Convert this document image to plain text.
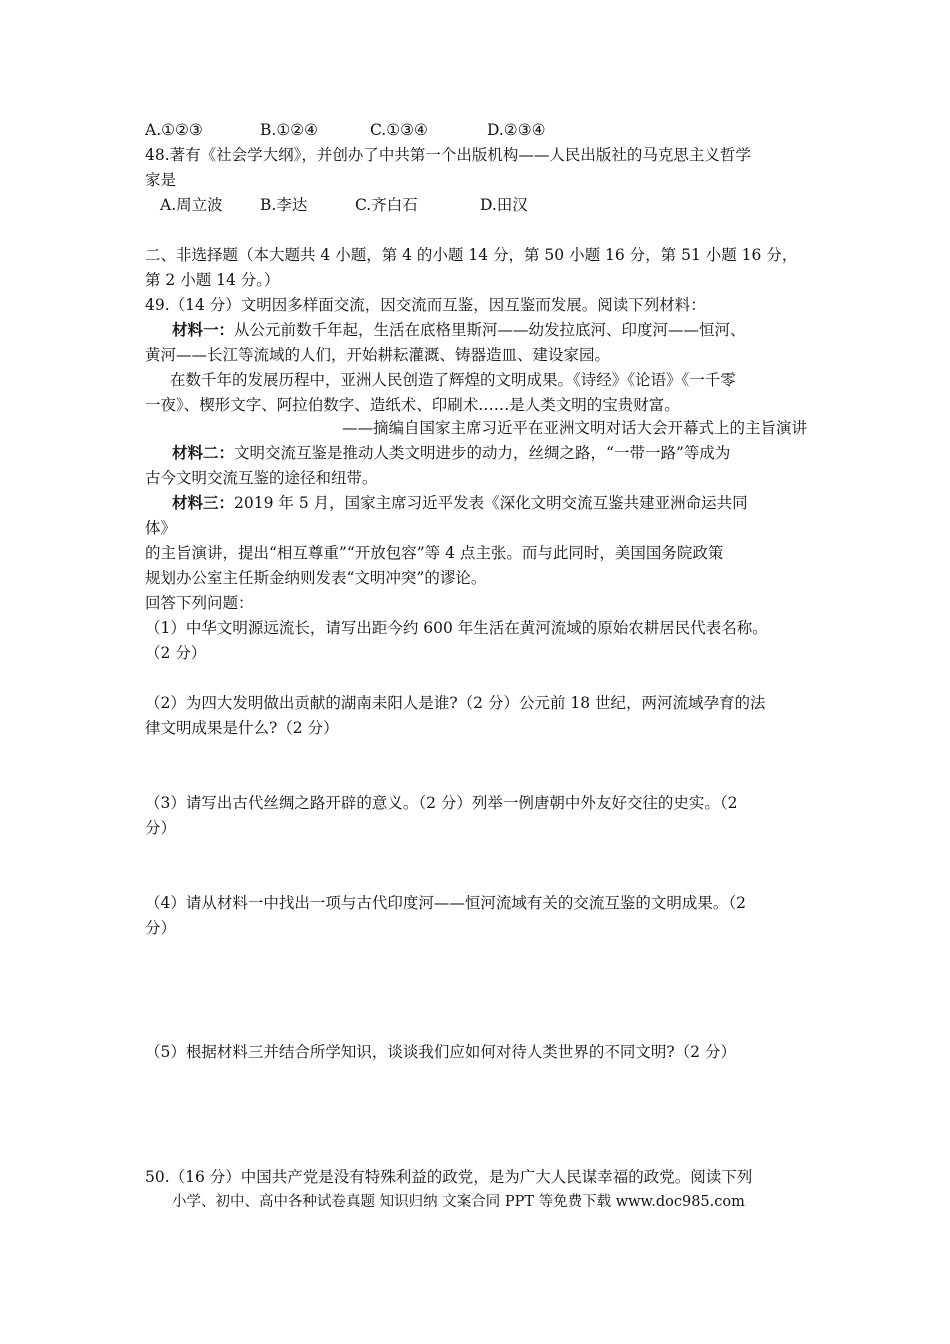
A.①②③	B.①②④	C.①③④	D.②③④
48.著有《社会学大纲》，并创办了中共第一个出版机构——人民出版社的马克思主义哲学
家是
A.周立波 B.李达	C.齐白石	D.田汉
二、非选择题（本大题共 4 小题，第 4 的小题 14 分，第 50 小题 16 分，第 51 小题 16 分，
第 2 小题 14 分。）
49.（14 分）文明因多样面交流，因交流而互鉴，因互鉴而发展。阅读下列材料：
材料一：从公元前数千年起，生活在底格里斯河——幼发拉底河、印度河——恒河、
黄河——长江等流域的人们，开始耕耘灌溉、铸器造皿、建设家园。
在数千年的发展历程中，亚洲人民创造了辉煌的文明成果。《诗经》《论语》《一千零
一夜》、楔形文字、阿拉伯数字、造纸术、印刷术……是人类文明的宝贵财富。
——摘编自国家主席习近平在亚洲文明对话大会开幕式上的主旨演讲
材料二：文明交流互鉴是推动人类文明进步的动力，丝绸之路，“一带一路”等成为
古今文明交流互鉴的途径和纽带。
材料三：2019 年 5 月，国家主席习近平发表《深化文明交流互鉴共建亚洲命运共同
体》
的主旨演讲，提出“相互尊重”“开放包容”等 4 点主张。而与此同时，美国国务院政策
规划办公室主任斯金纳则发表“文明冲突”的谬论。
回答下列问题：
（1）中华文明源远流长，请写出距今约 600 年生活在黄河流域的原始农耕居民代表名称。
（2 分）
（2）为四大发明做出贡献的湖南耒阳人是谁?（2 分）公元前 18 世纪，两河流域孕育的法
律文明成果是什么?（2 分）
（3）请写出古代丝绸之路开辟的意义。（2 分）列举一例唐朝中外友好交往的史实。（2
分）
（4）请从材料一中找出一项与古代印度河——恒河流域有关的交流互鉴的文明成果。（2
分）
（5）根据材料三并结合所学知识，谈谈我们应如何对待人类世界的不同文明?（2 分）
50.（16 分）中国共产党是没有特殊利益的政党，是为广大人民谋幸福的政党。阅读下列
小学、初中、高中各种试卷真题 知识归纳 文案合同 PPT 等免费下载 www.doc985.com
